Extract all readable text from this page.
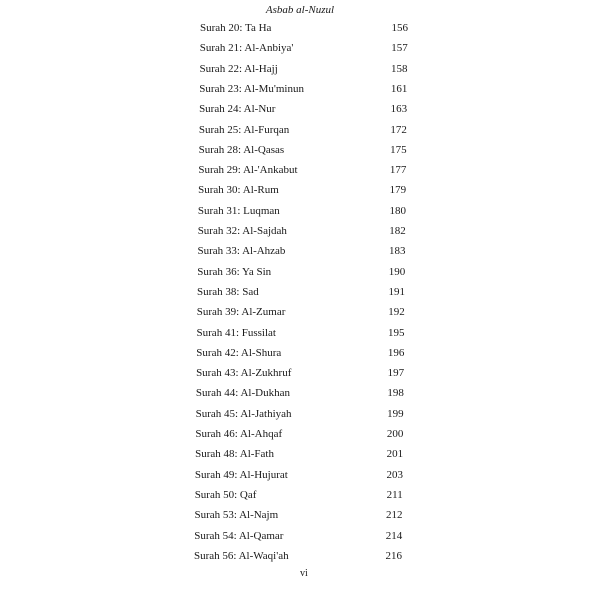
Asbab al-Nuzul
Surah 20: Ta Ha	156
Surah 21: Al-Anbiya'	157
Surah 22: Al-Hajj	158
Surah 23: Al-Mu'minun	161
Surah 24: Al-Nur	163
Surah 25: Al-Furqan	172
Surah 28: Al-Qasas	175
Surah 29: Al-'Ankabut	177
Surah 30: Al-Rum	179
Surah 31: Luqman	180
Surah 32: Al-Sajdah	182
Surah 33: Al-Ahzab	183
Surah 36: Ya Sin	190
Surah 38: Sad	191
Surah 39: Al-Zumar	192
Surah 41: Fussilat	195
Surah 42: Al-Shura	196
Surah 43: Al-Zukhruf	197
Surah 44: Al-Dukhan	198
Surah 45: Al-Jathiyah	199
Surah 46: Al-Ahqaf	200
Surah 48: Al-Fath	201
Surah 49: Al-Hujurat	203
Surah 50: Qaf	211
Surah 53: Al-Najm	212
Surah 54: Al-Qamar	214
Surah 56: Al-Waqi'ah	216
vi
